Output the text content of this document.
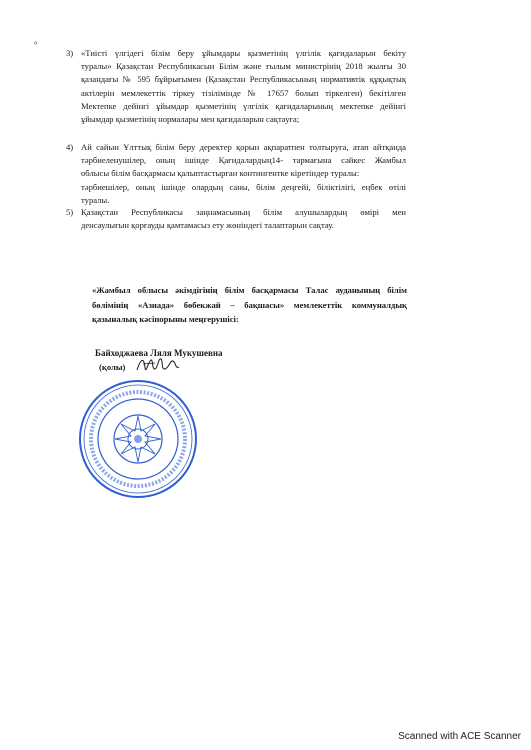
°
3) «Тиісті үлгідегі білім беру ұйымдары қызметінің үлгілік қағидаларын бекіту
туралы» Қазақстан Республикасын Білім және ғылым министрінің 2018 жылғы 30
қазандағы № 595 бұйрығымен (Қазақстан Республикасының нормативтік құқықтық
актілерін мемлекеттік тіркеу тізілімінде № 17657 болып тіркелген) бекітілген
Мектепке дейінгі ұйымдар қызметінің үлгілік қағидаларының мектепке дейінгі
ұйымдар қызметінің нормалары мен қағидаларын сақтауға;
4) Ай сайын Ұлттық білім беру деректер қорын ақпаратпен толтыруға, атап айтқанда
тәрбиеленушілер, оның ішінде Қағидалардың14- тармағына сәйкес Жамбыл
облысы білім басқармасы қалыптастырған контингентке кіретіндер туралы:
тәрбиешілер, оның ішінде олардың саны, білім деңгейі, біліктілігі, еңбек өтілі
туралы.
5) Қазақстан Республикасы заңнамасының білім алушылардың өмірі мен
денсаулығын қорғауды қамтамасыз ету жөніндегі талаптарын сақтау.
«Жамбыл облысы әкімдігінің білім басқармасы Талас ауданының білім
бөлімінің «Азиада» бөбекжай – бақшасы» мемлекеттік коммуналдық
қазыналық кәсіпорыны меңгерушісі:
Байходжаева Ляля Мукушевна
(қолы)
Scanned with ACE Scanner
